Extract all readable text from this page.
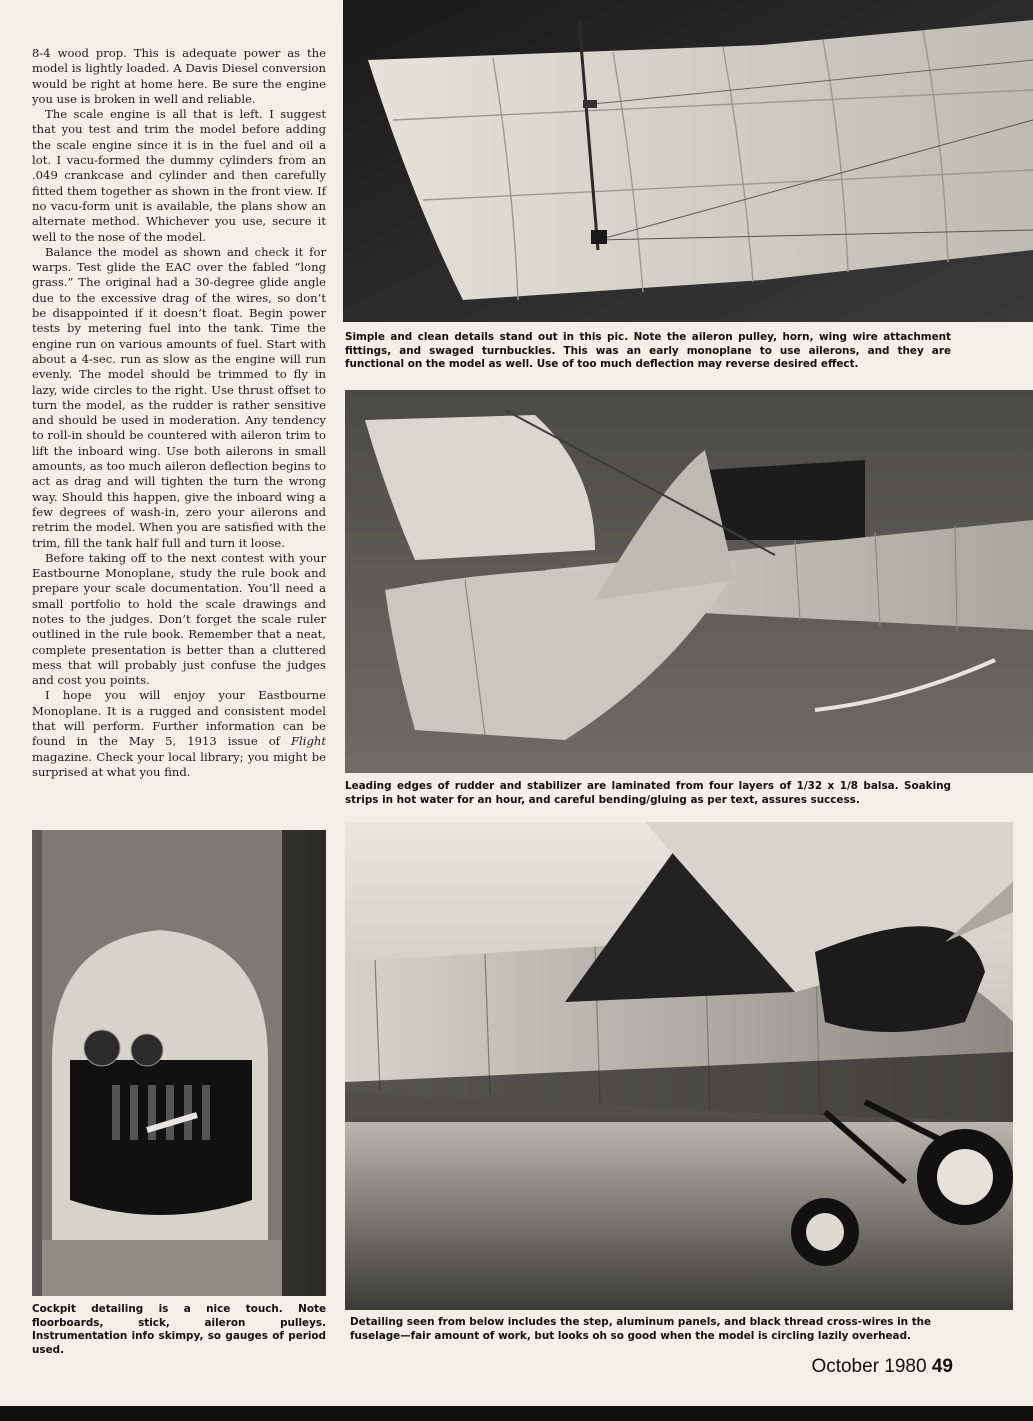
8-4 wood prop. This is adequate power as the model is lightly loaded. A Davis Diesel conversion would be right at home here. Be sure the engine you use is broken in well and reliable.

The scale engine is all that is left. I suggest that you test and trim the model before adding the scale engine since it is in the fuel and oil a lot. I vacu-formed the dummy cylinders from an .049 crankcase and cylinder and then carefully fitted them together as shown in the front view. If no vacu-form unit is available, the plans show an alternate method. Whichever you use, secure it well to the nose of the model.

Balance the model as shown and check it for warps. Test glide the EAC over the fabled “long grass.” The original had a 30-degree glide angle due to the excessive drag of the wires, so don’t be disappointed if it doesn’t float. Begin power tests by metering fuel into the tank. Time the engine run on various amounts of fuel. Start with about a 4-sec. run as slow as the engine will run evenly. The model should be trimmed to fly in lazy, wide circles to the right. Use thrust offset to turn the model, as the rudder is rather sensitive and should be used in moderation. Any tendency to roll-in should be countered with aileron trim to lift the inboard wing. Use both ailerons in small amounts, as too much aileron deflection begins to act as drag and will tighten the turn the wrong way. Should this happen, give the inboard wing a few degrees of wash-in, zero your ailerons and retrim the model. When you are satisfied with the trim, fill the tank half full and turn it loose.

Before taking off to the next contest with your Eastbourne Monoplane, study the rule book and prepare your scale documentation. You’ll need a small portfolio to hold the scale drawings and notes to the judges. Don’t forget the scale ruler outlined in the rule book. Remember that a neat, complete presentation is better than a cluttered mess that will probably just confuse the judges and cost you points.

I hope you will enjoy your Eastbourne Monoplane. It is a rugged and consistent model that will perform. Further information can be found in the May 5, 1913 issue of Flight magazine. Check your local library; you might be surprised at what you find.

Simple and clean details stand out in this pic. Note the aileron pulley, horn, wing wire attachment fittings, and swaged turnbuckles. This was an early monoplane to use ailerons, and they are functional on the model as well. Use of too much deflection may reverse desired effect.
Leading edges of rudder and stabilizer are laminated from four layers of 1/32 x 1/8 balsa. Soaking strips in hot water for an hour, and careful bending/gluing as per text, assures success.
Cockpit detailing is a nice touch. Note floorboards, stick, aileron pulleys. Instrumentation info skimpy, so gauges of period used.
Detailing seen from below includes the step, aluminum panels, and black thread cross-wires in the fuselage—fair amount of work, but looks oh so good when the model is circling lazily overhead.
October 1980 49
